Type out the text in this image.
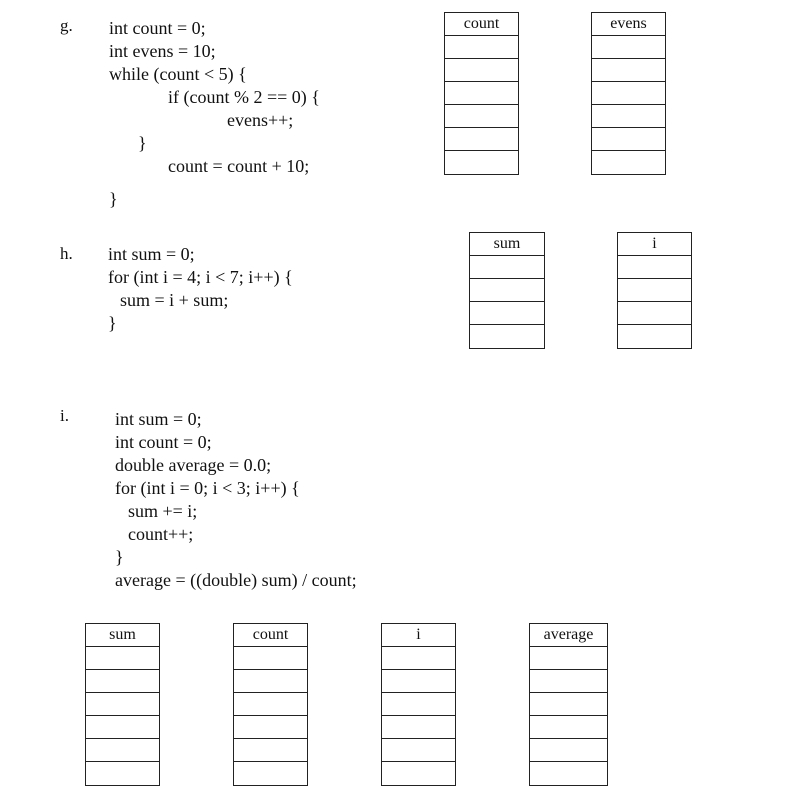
g. int count = 0;
int evens = 10;
while (count < 5) {
if (count % 2 == 0) {
evens++;
}
count = count + 10;
}
count	evens
h. int sum = 0;
for (int i = 4; i < 7; i++) {
sum = i + sum;
}
sum	i
i.	int sum = 0;
int count = 0;
double average = 0.0;
for (int i = 0; i < 3; i++) {
sum += i;
count++;
}
average = ((double) sum) / count;
sum	count	i	average
